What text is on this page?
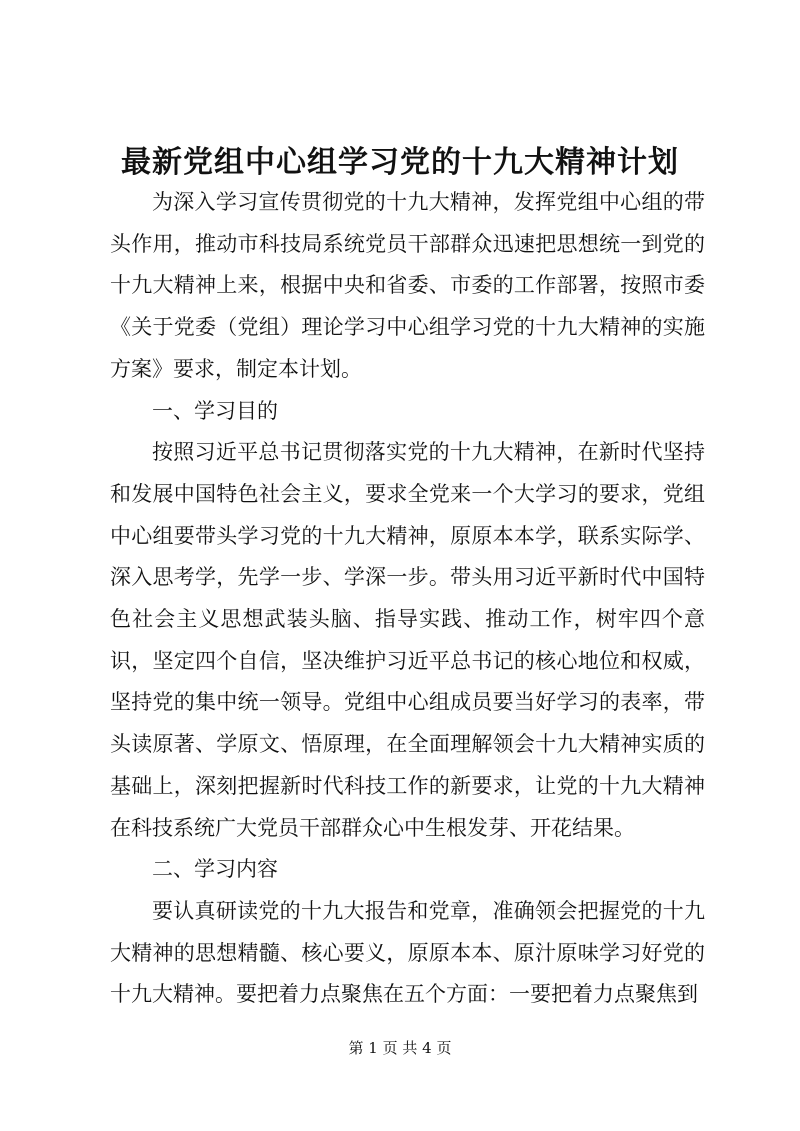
最新党组中心组学习党的十九大精神计划

为深入学习宣传贯彻党的十九大精神，发挥党组中心组的带头作用，推动市科技局系统党员干部群众迅速把思想统一到党的十九大精神上来，根据中央和省委、市委的工作部署，按照市委《关于党委（党组）理论学习中心组学习党的十九大精神的实施方案》要求，制定本计划。

一、学习目的

按照习近平总书记贯彻落实党的十九大精神，在新时代坚持和发展中国特色社会主义，要求全党来一个大学习的要求，党组中心组要带头学习党的十九大精神，原原本本学，联系实际学、深入思考学，先学一步、学深一步。带头用习近平新时代中国特色社会主义思想武装头脑、指导实践、推动工作，树牢四个意识，坚定四个自信，坚决维护习近平总书记的核心地位和权威，坚持党的集中统一领导。党组中心组成员要当好学习的表率，带头读原著、学原文、悟原理，在全面理解领会十九大精神实质的基础上，深刻把握新时代科技工作的新要求，让党的十九大精神在科技系统广大党员干部群众心中生根发芽、开花结果。

二、学习内容

要认真研读党的十九大报告和党章，准确领会把握党的十九大精神的思想精髓、核心要义，原原本本、原汁原味学习好党的十九大精神。要把着力点聚焦在五个方面：一要把着力点聚焦到

第 1 页 共 4 页
